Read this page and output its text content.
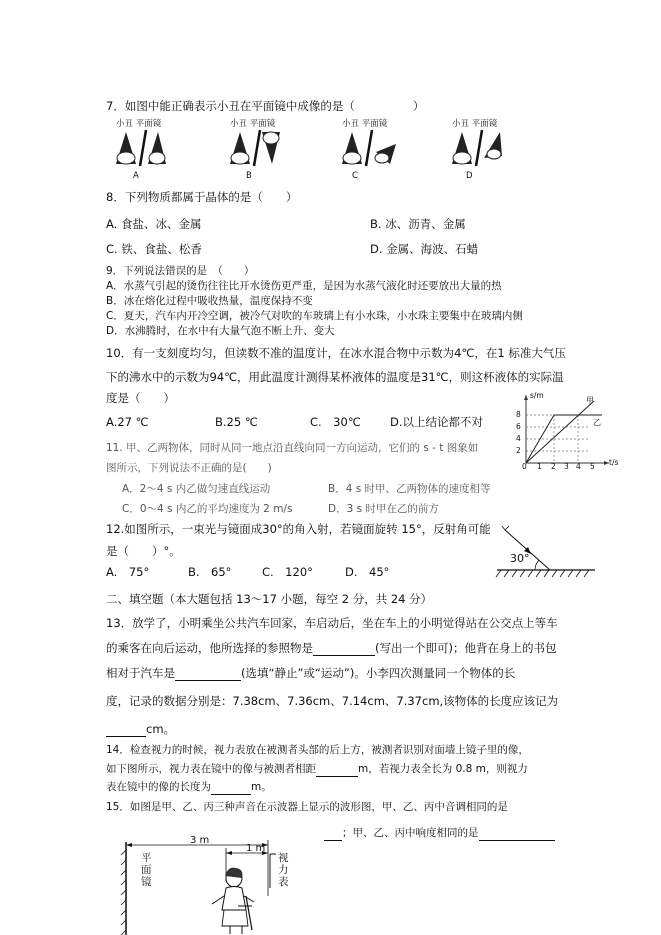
7．如图中能正确表示小丑在平面镜中成像的是（	）
小丑 平面镜
A
小丑 平面镜
B
小丑 平面镜
C
小丑 平面镜
D
8．下列物质都属于晶体的是（　　）
A. 食盐、冰、金属	B. 冰、沥青、金属
C. 铁、食盐、松香	D. 金属、海波、石蜡
9．下列说法错误的是　（　　）
A．水蒸气引起的烫伤往往比开水烫伤更严重，是因为水蒸气液化时还要放出大量的热
B．冰在熔化过程中吸收热量，温度保持不变
C．夏天，汽车内开冷空调，被冷气对吹的车玻璃上有小水珠，小水珠主要集中在玻璃内侧
D．水沸腾时，在水中有大量气泡不断上升、变大
10．有一支刻度均匀，但读数不准的温度计，在冰水混合物中示数为4℃，在1 标准大气压
下的沸水中的示数为94℃，用此温度计测得某杯液体的温度是31℃，则这杯液体的实际温
度是（　　）
A.27 ℃	B.25 ℃	C.　30℃	D.以上结论都不对
11. 甲、乙两物体，同时从同一地点沿直线向同一方向运动，它们的 s - t 图象如
图所示，下列说法不正确的是(　　)
A．2～4 s 内乙做匀速直线运动	B．4 s 时甲、乙两物体的速度相等
C．0～4 s 内乙的平均速度为 2 m/s	D．3 s 时甲在乙的前方
s/m
t/s
8
6
4
2
0 1 2 3 4 5
甲
乙
12.如图所示，一束光与镜面成30°的角入射，若镜面旋转 15°，反射角可能
是（　　）°。
A.　75°	B.　65°	C.　120°	D.　45°
30°
二、填空题（本大题包括 13～17 小题，每空 2 分，共 24 分）
13．放学了，小明乘坐公共汽车回家，车启动后，坐在车上的小明觉得站在公交点上等车
的乘客在向后运动，他所选择的参照物是	(写出一个即可)；他背在身上的书包
相对于汽车是	(选填“静止”或“运动”)。小李四次测量同一个物体的长
度，记录的数据分别是：7.38cm、7.36cm、7.14cm、7.37cm,该物体的长度应该记为
cm。
14．检查视力的时候，视力表放在被测者头部的后上方，被测者识别对面墙上镜子里的像，
如下图所示，视力表在镜中的像与被测者相距	m，若视力表全长为 0.8 m，则视力
表在镜中的像的长度为	m。
15．如图是甲、乙、丙三种声音在示波器上显示的波形图，甲、乙、丙中音调相同的是
；甲、乙、丙中响度相同的是
3 m
1 m
平面镜
视力表
